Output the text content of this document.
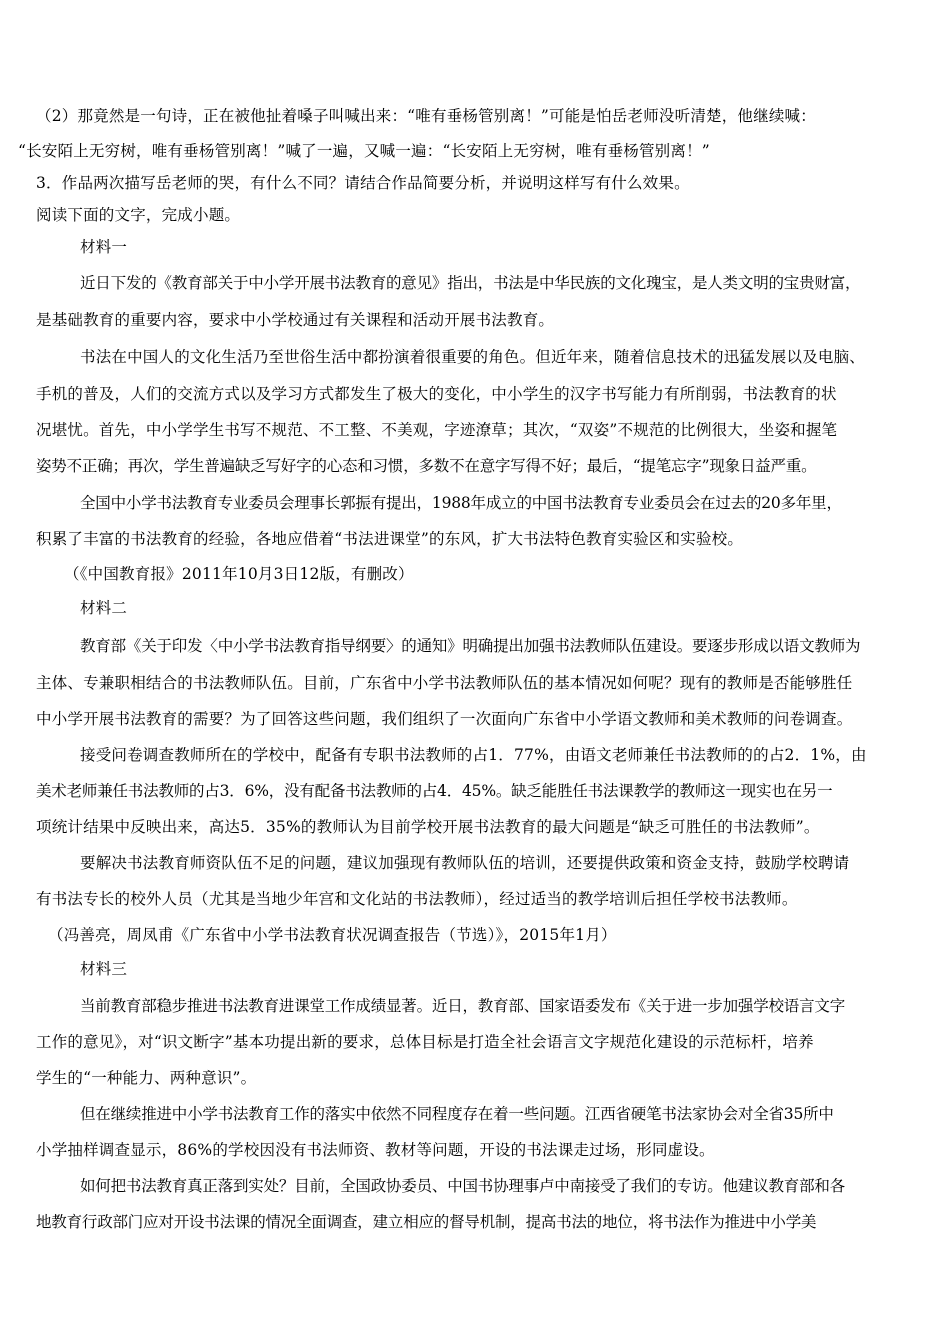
（2）那竟然是一句诗，正在被他扯着嗓子叫喊出来：“唯有垂杨管别离！”可能是怕岳老师没听清楚，他继续喊：
“长安陌上无穷树，唯有垂杨管别离！”喊了一遍，又喊一遍：“长安陌上无穷树，唯有垂杨管别离！”
3．作品两次描写岳老师的哭，有什么不同？请结合作品简要分析，并说明这样写有什么效果。
阅读下面的文字，完成小题。
材料一
近日下发的《教育部关于中小学开展书法教育的意见》指出，书法是中华民族的文化瑰宝，是人类文明的宝贵财富，
是基础教育的重要内容，要求中小学校通过有关课程和活动开展书法教育。
书法在中国人的文化生活乃至世俗生活中都扮演着很重要的角色。但近年来，随着信息技术的迅猛发展以及电脑、
手机的普及，人们的交流方式以及学习方式都发生了极大的变化，中小学生的汉字书写能力有所削弱，书法教育的状
况堪忧。首先，中小学学生书写不规范、不工整、不美观，字迹潦草；其次，“双姿”不规范的比例很大，坐姿和握笔
姿势不正确；再次，学生普遍缺乏写好字的心态和习惯，多数不在意字写得不好；最后，“提笔忘字”现象日益严重。
全国中小学书法教育专业委员会理事长郭振有提出，1988年成立的中国书法教育专业委员会在过去的20多年里，
积累了丰富的书法教育的经验，各地应借着“书法进课堂”的东风，扩大书法特色教育实验区和实验校。
（《中国教育报》2011年10月3日12版，有删改）
材料二
教育部《关于印发〈中小学书法教育指导纲要〉的通知》明确提出加强书法教师队伍建设。要逐步形成以语文教师为
主体、专兼职相结合的书法教师队伍。目前，广东省中小学书法教师队伍的基本情况如何呢？现有的教师是否能够胜任
中小学开展书法教育的需要？为了回答这些问题，我们组织了一次面向广东省中小学语文教师和美术教师的问卷调查。
接受问卷调查教师所在的学校中，配备有专职书法教师的占1．77%，由语文老师兼任书法教师的的占2．1%，由
美术老师兼任书法教师的占3．6%，没有配备书法教师的占4．45%。缺乏能胜任书法课教学的教师这一现实也在另一
项统计结果中反映出来，高达5．35%的教师认为目前学校开展书法教育的最大问题是“缺乏可胜任的书法教师”。
要解决书法教育师资队伍不足的问题，建议加强现有教师队伍的培训，还要提供政策和资金支持，鼓励学校聘请
有书法专长的校外人员（尤其是当地少年宫和文化站的书法教师），经过适当的教学培训后担任学校书法教师。
（冯善亮，周凤甫《广东省中小学书法教育状况调查报告（节选）》，2015年1月）
材料三
当前教育部稳步推进书法教育进课堂工作成绩显著。近日，教育部、国家语委发布《关于进一步加强学校语言文字
工作的意见》，对“识文断字”基本功提出新的要求，总体目标是打造全社会语言文字规范化建设的示范标杆，培养
学生的“一种能力、两种意识”。
但在继续推进中小学书法教育工作的落实中依然不同程度存在着一些问题。江西省硬笔书法家协会对全省35所中
小学抽样调查显示，86%的学校因没有书法师资、教材等问题，开设的书法课走过场，形同虚设。
如何把书法教育真正落到实处？目前，全国政协委员、中国书协理事卢中南接受了我们的专访。他建议教育部和各
地教育行政部门应对开设书法课的情况全面调查，建立相应的督导机制，提高书法的地位，将书法作为推进中小学美
